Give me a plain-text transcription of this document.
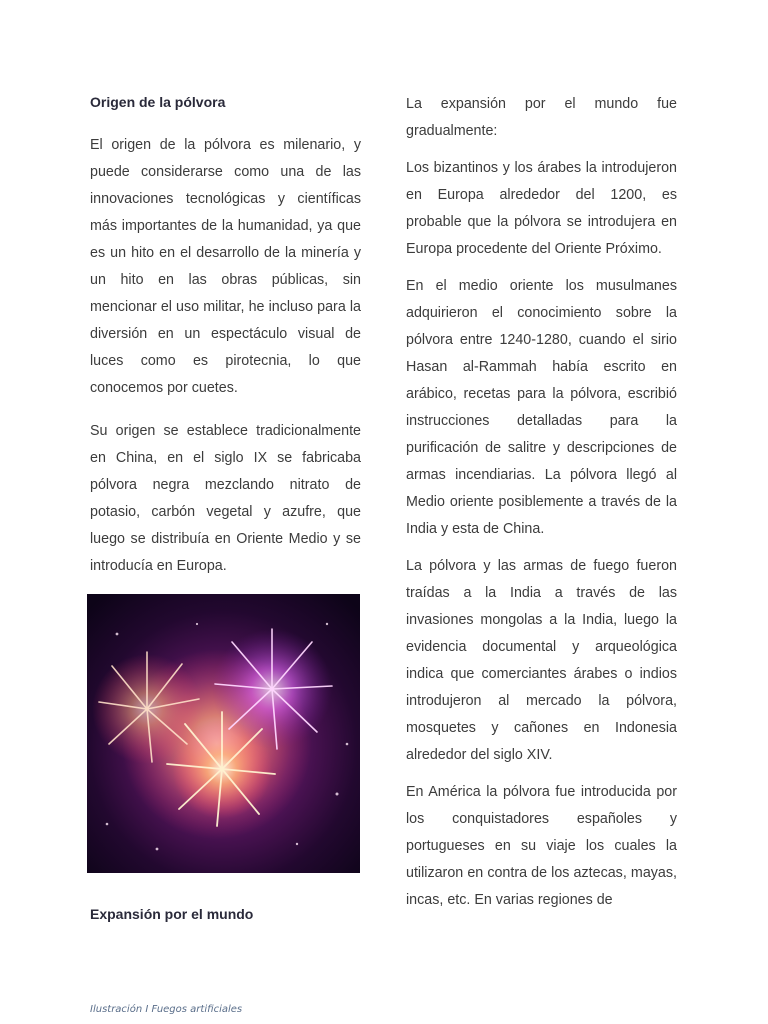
Origen de la pólvora

El origen de la pólvora es milenario, y puede considerarse como una de las innovaciones tecnológicas y científicas más importantes de la humanidad, ya que es un hito en el desarrollo de la minería y un hito en las obras públicas, sin mencionar el uso militar, he incluso para la diversión en un espectáculo visual de luces como es pirotecnia, lo que conocemos por cuetes.

Su origen se establece tradicionalmente en China, en el siglo IX se fabricaba pólvora negra mezclando nitrato de potasio, carbón vegetal y azufre, que luego se distribuía en Oriente Medio y se introducía en Europa.

Expansión por el mundo
Ilustración I Fuegos artificiales

La expansión por el mundo fue gradualmente:

Los bizantinos y los árabes la introdujeron en Europa alrededor del 1200, es probable que la pólvora se introdujera en Europa procedente del Oriente Próximo.

En el medio oriente los musulmanes adquirieron el conocimiento sobre la pólvora entre 1240-1280, cuando el sirio Hasan al-Rammah había escrito en arábico, recetas para la pólvora, escribió instrucciones detalladas para la purificación de salitre y descripciones de armas incendiarias. La pólvora llegó al Medio oriente posiblemente a través de la India y esta de China.

La pólvora y las armas de fuego fueron traídas a la India a través de las invasiones mongolas a la India, luego la evidencia documental y arqueológica indica que comerciantes árabes o indios introdujeron al mercado la pólvora, mosquetes y cañones en Indonesia alrededor del siglo XIV.

En América la pólvora fue introducida por los conquistadores españoles y portugueses en su viaje los cuales la utilizaron en contra de los aztecas, mayas, incas, etc. En varias regiones de
